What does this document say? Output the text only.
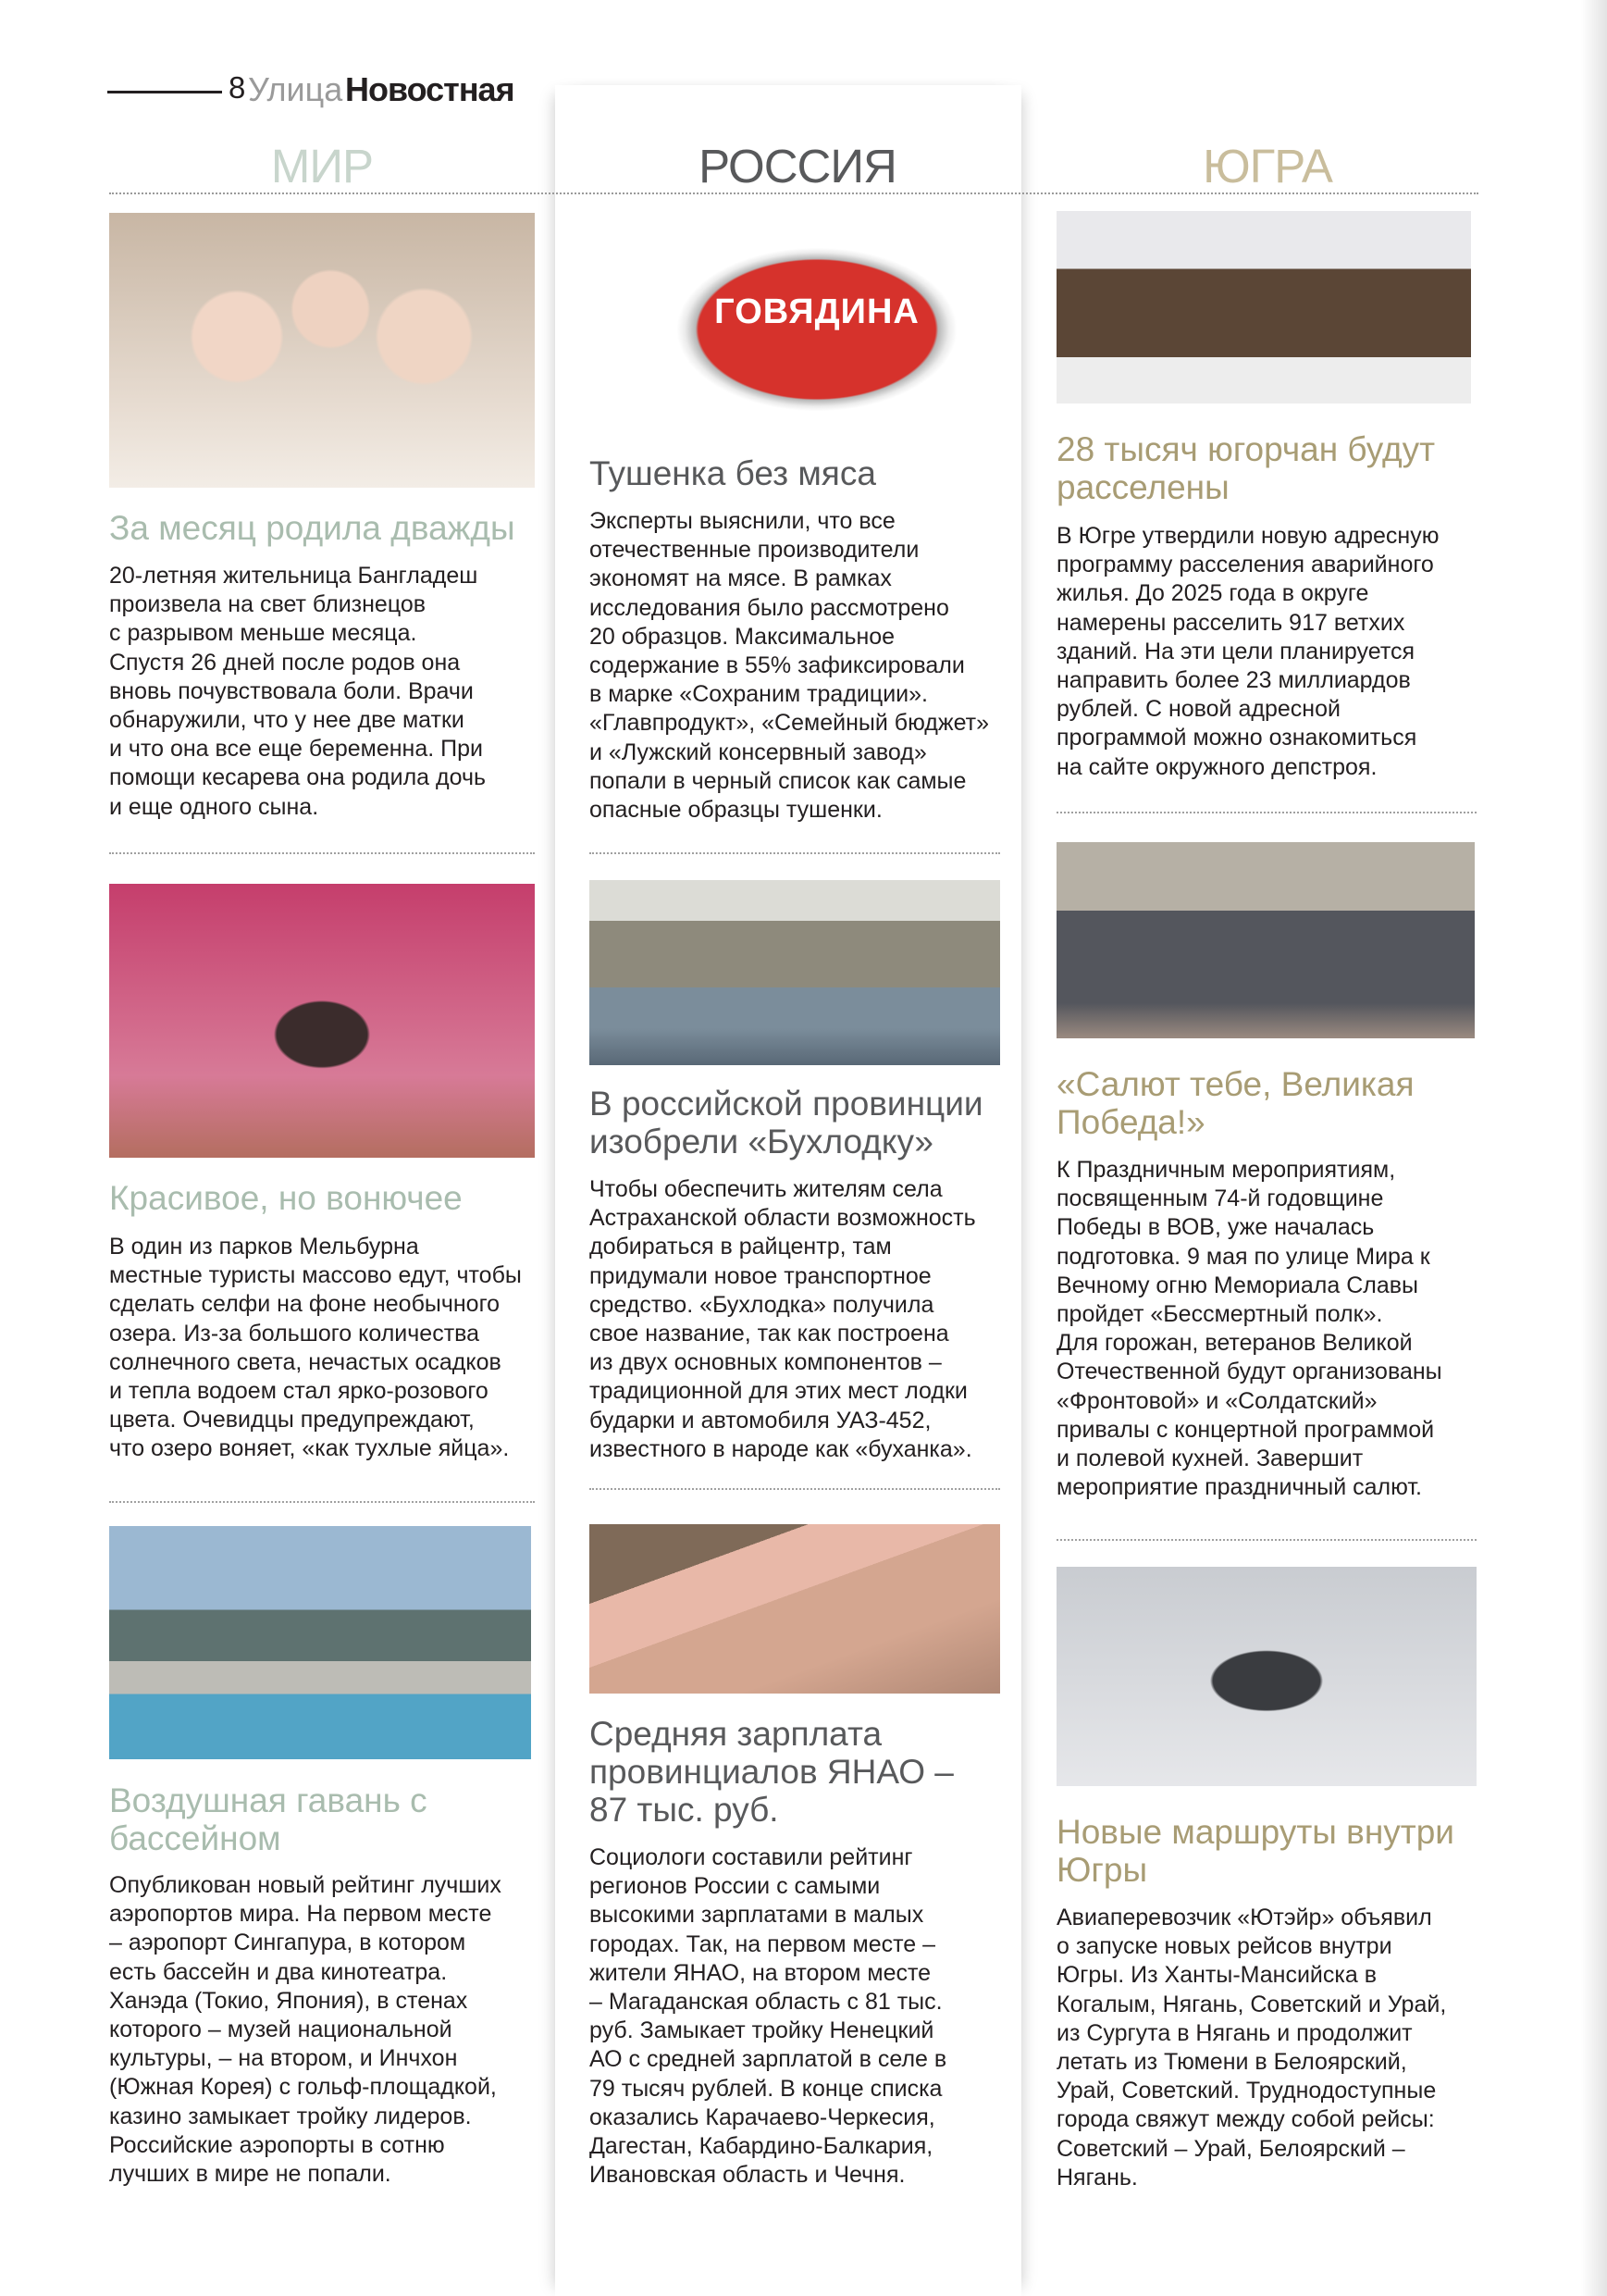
8 Улица Новостная
МИР	РОССИЯ	ЮГРА
За месяц родила дважды

20-летняя жительница Бангладеш
произвела на свет близнецов
с разрывом меньше месяца.
Спустя 26 дней после родов она
вновь почувствовала боли. Врачи
обнаружили, что у нее две матки
и что она все еще беременна. При
помощи кесарева она родила дочь
и еще одного сына.

Красивое, но вонючее

В один из парков Мельбурна
местные туристы массово едут, чтобы
сделать селфи на фоне необычного
озера. Из-за большого количества
солнечного света, нечастых осадков
и тепла водоем стал ярко-розового
цвета. Очевидцы предупреждают,
что озеро воняет, «как тухлые яйца».

Воздушная гавань с
бассейном

Опубликован новый рейтинг лучших
аэропортов мира. На первом месте
– аэропорт Сингапура, в котором
есть бассейн и два кинотеатра.
Ханэда (Токио, Япония), в стенах
которого – музей национальной
культуры, – на втором, и Инчхон
(Южная Корея) с гольф-площадкой,
казино замыкает тройку лидеров.
Российские аэропорты в сотню
лучших в мире не попали.

ГОВЯДИНА
Тушенка без мяса

Эксперты выяснили, что все
отечественные производители
экономят на мясе. В рамках
исследования было рассмотрено
20 образцов. Максимальное
содержание в 55% зафиксировали
в марке «Сохраним традиции».
«Главпродукт», «Семейный бюджет»
и «Лужский консервный завод»
попали в черный список как самые
опасные образцы тушенки.

В российской провинции
изобрели «Бухлодку»

Чтобы обеспечить жителям села
Астраханской области возможность
добираться в райцентр, там
придумали новое транспортное
средство. «Бухлодка» получила
свое название, так как построена
из двух основных компонентов –
традиционной для этих мест лодки
бударки и автомобиля УАЗ-452,
известного в народе как «буханка».

Средняя зарплата
провинциалов ЯНАО –
87 тыс. руб.

Социологи составили рейтинг
регионов России с самыми
высокими зарплатами в малых
городах. Так, на первом месте –
жители ЯНАО, на втором месте
– Магаданская область с 81 тыс.
руб. Замыкает тройку Ненецкий
АО с средней зарплатой в селе в
79 тысяч рублей. В конце списка
оказались Карачаево-Черкесия,
Дагестан, Кабардино-Балкария,
Ивановская область и Чечня.

28 тысяч югорчан будут
расселены

В Югре утвердили новую адресную
программу расселения аварийного
жилья. До 2025 года в округе
намерены расселить 917 ветхих
зданий. На эти цели планируется
направить более 23 миллиардов
рублей. С новой адресной
программой можно ознакомиться
на сайте окружного депстроя.

«Салют тебе, Великая
Победа!»

К Праздничным мероприятиям,
посвященным 74-й годовщине
Победы в ВОВ, уже началась
подготовка. 9 мая по улице Мира к
Вечному огню Мемориала Славы
пройдет «Бессмертный полк».
Для горожан, ветеранов Великой
Отечественной будут организованы
«Фронтовой» и «Солдатский»
привалы с концертной программой
и полевой кухней. Завершит
мероприятие праздничный салют.

Новые маршруты внутри
Югры

Авиаперевозчик «Ютэйр» объявил
о запуске новых рейсов внутри
Югры. Из Ханты-Мансийска в
Когалым, Нягань, Советский и Урай,
из Сургута в Нягань и продолжит
летать из Тюмени в Белоярский,
Урай, Советский. Труднодоступные
города свяжут между собой рейсы:
Советский – Урай, Белоярский –
Нягань.
